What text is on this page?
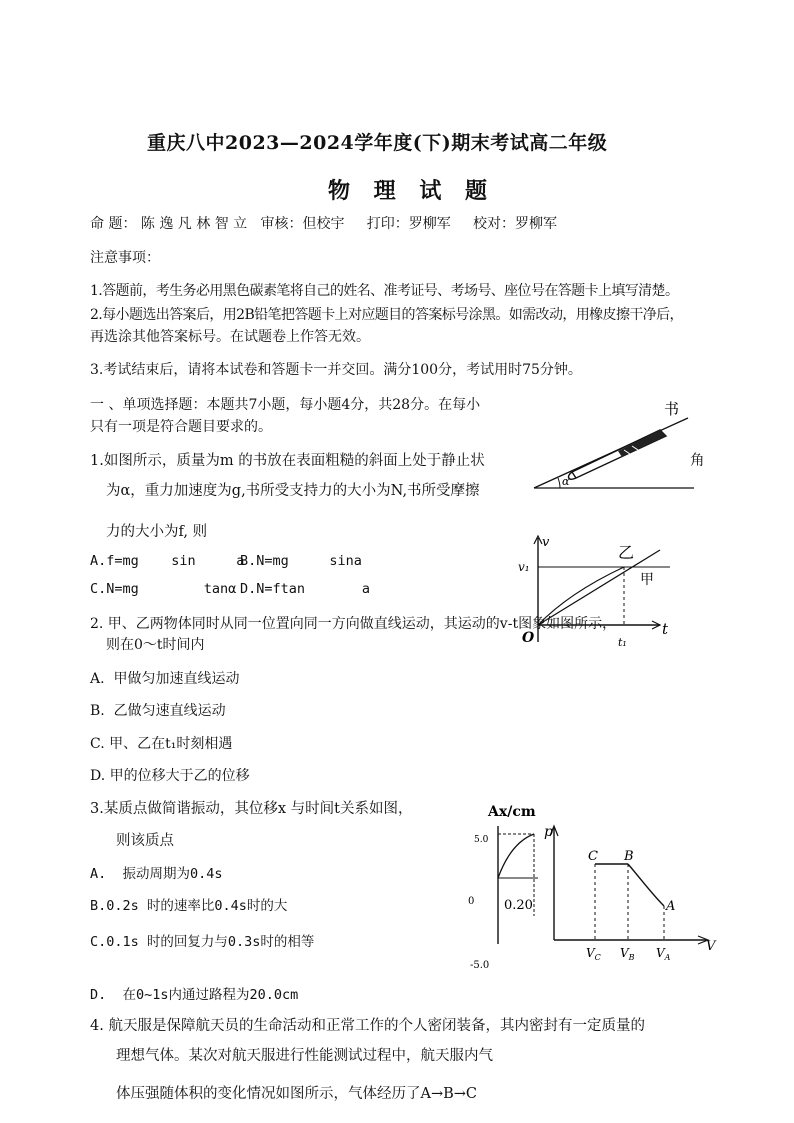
重庆八中2023—2024学年度(下)期末考试高二年级
物 理 试 题
命 题： 陈 逸 凡 林 智 立   审核：但校宇     打印：罗柳军     校对：罗柳军
注意事项：
1.答题前，考生务必用黑色碳素笔将自己的姓名、准考证号、考场号、座位号在答题卡上填写清楚。
2.每小题选出答案后，用2B铅笔把答题卡上对应题目的答案标号涂黑。如需改动，用橡皮擦干净后，
再选涂其他答案标号。在试题卷上作答无效。
3.考试结束后，请将本试卷和答题卡一并交回。满分100分，考试用时75分钟。
一 、单项选择题：本题共7小题，每小题4分，共28分。在每小
只有一项是符合题目要求的。
1.如图所示，质量为m 的书放在表面粗糙的斜面上处于静止状	角
为α，重力加速度为g,书所受支持力的大小为N,书所受摩擦
力的大小为f, 则
A.f=mg    sin     a
B.N=mg     sina
C.N=mg        tanα D.N=ftan       a
书
α
2. 甲、乙两物体同时从同一位置向同一方向做直线运动，其运动的v-t图象如图所示，
则在0～t时间内
A.  甲做匀加速直线运动
B.  乙做匀速直线运动
C. 甲、乙在t₁时刻相遇
D. 甲的位移大于乙的位移
v
t
O
v₁
t₁
乙
甲
3.某质点做简谐振动，其位移x 与时间t关系如图，
则该质点
A.  振动周期为0.4s
B.0.2s 时的速率比0.4s时的大
C.0.1s 时的回复力与0.3s时的相等
D.  在0~1s内通过路程为20.0cm
Ax/cm
5.0
0 0.20
-5.0
p
V
C B
A
$V_C$ $V_B$ $V_A$
4. 航天服是保障航天员的生命活动和正常工作的个人密闭装备，其内密封有一定质量的
理想气体。某次对航天服进行性能测试过程中，航天服内气
体压强随体积的变化情况如图所示，气体经历了A→B→C
